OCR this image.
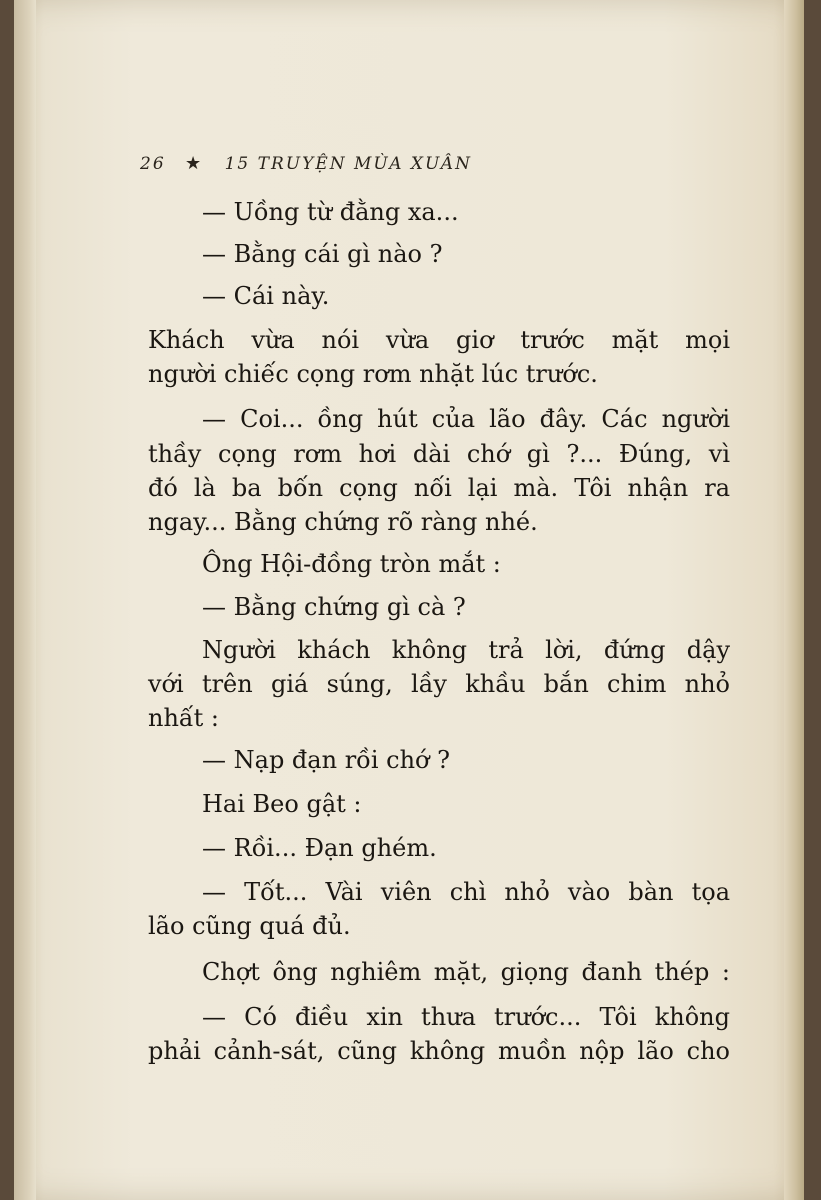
26 ★ 15 TRUYỆN MÙA XUÂN
— Uồng từ đằng xa...
— Bằng cái gì nào ?
— Cái này.
Khách vừa nói vừa giơ trước mặt mọi
người chiếc cọng rơm nhặt lúc trước.
— Coi... ồng hút của lão đây. Các người
thầy cọng rơm hơi dài chớ gì ?... Đúng, vì
đó là ba bốn cọng nối lại mà. Tôi nhận ra
ngay... Bằng chứng rõ ràng nhé.
Ông Hội-đồng tròn mắt :
— Bằng chứng gì cà ?
Người khách không trả lời, đứng dậy
với trên giá súng, lầy khầu bắn chim nhỏ
nhất :
— Nạp đạn rồi chớ ?
Hai Beo gật :
— Rồi... Đạn ghém.
— Tốt... Vài viên chì nhỏ vào bàn tọa
lão cũng quá đủ.
Chợt ông nghiêm mặt, giọng đanh thép :
— Có điều xin thưa trước... Tôi không
phải cảnh-sát, cũng không muồn nộp lão cho
